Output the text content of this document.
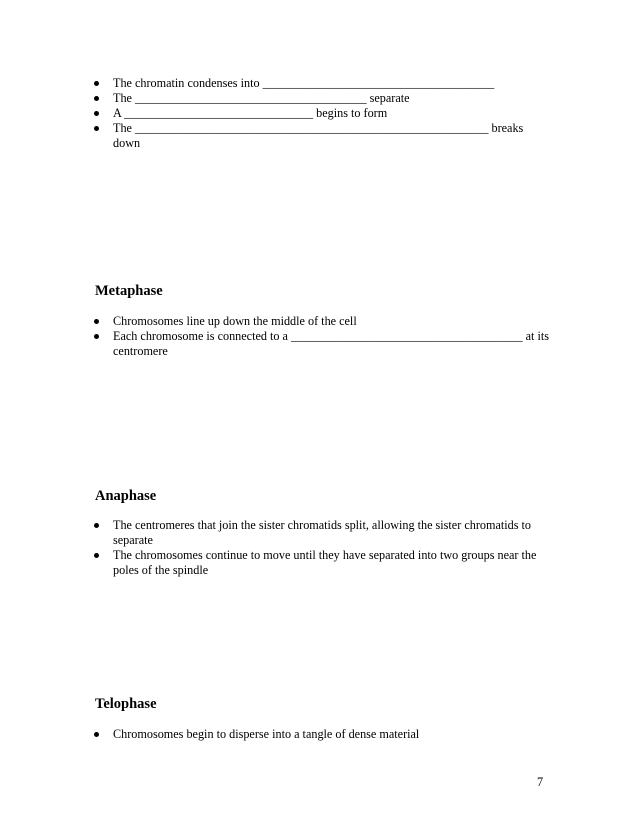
The chromatin condenses into ______________________________________
The ______________________________________ separate
A _______________________________ begins to form
The __________________________________________________________ breaks down
Metaphase
Chromosomes line up down the middle of the cell
Each chromosome is connected to a ______________________________________ at its centromere
Anaphase
The centromeres that join the sister chromatids split, allowing the sister chromatids to separate
The chromosomes continue to move until they have separated into two groups near the poles of the spindle
Telophase
Chromosomes begin to disperse into a tangle of dense material
7
